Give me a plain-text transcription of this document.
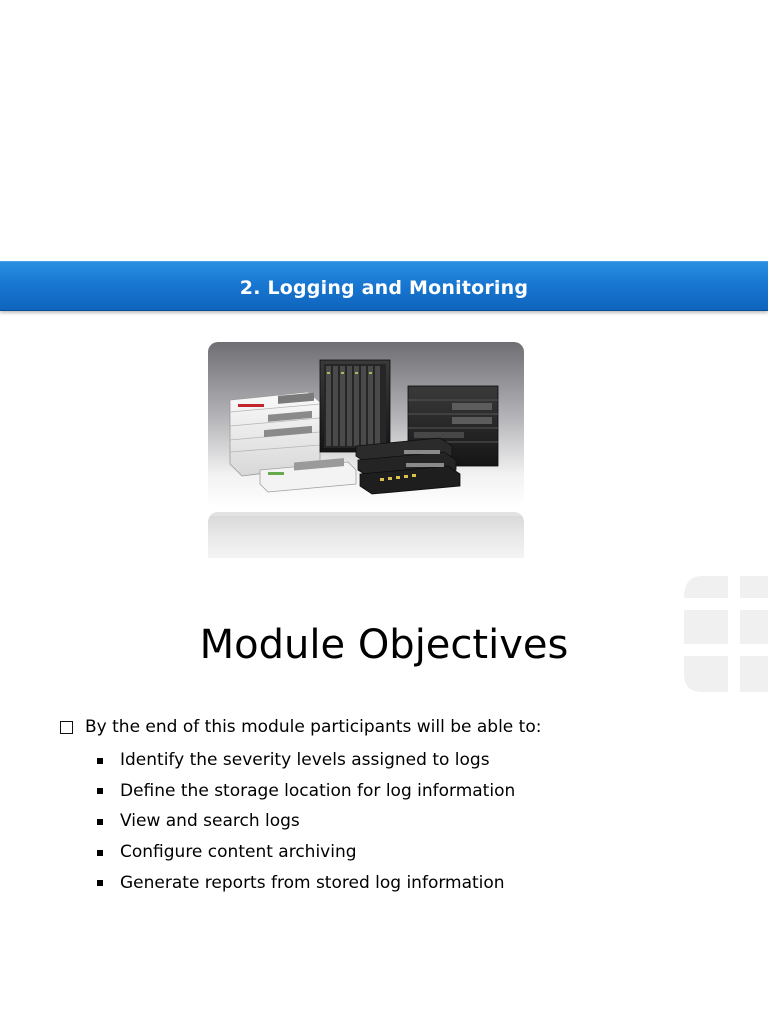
2. Logging and Monitoring
Module Objectives
By the end of this module participants will be able to:
Identify the severity levels assigned to logs
Define the storage location for log information
View and search logs
Configure content archiving
Generate reports from stored log information
